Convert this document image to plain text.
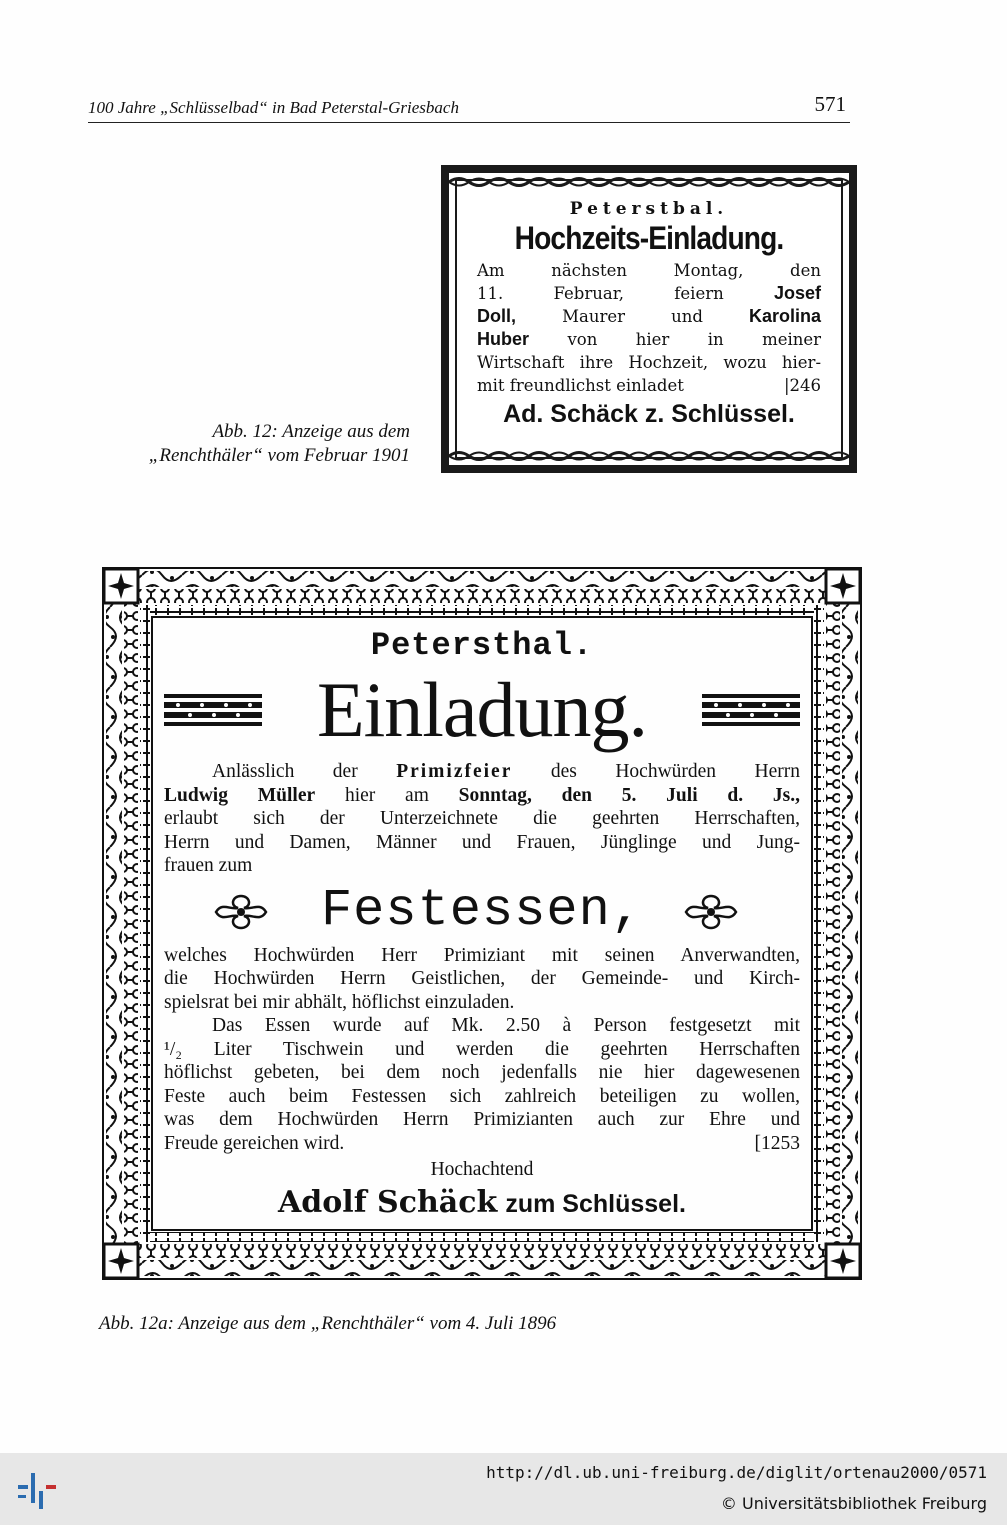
100 Jahre „Schlüsselbad“ in Bad Peterstal-Griesbach	571
Peterstbal.
Hochzeits-Einladung.
Am	nächsten	Montag,	den
11.	Februar,	feiern	Josef
Doll,	Maurer und	Karolina
Huber von hier in meiner
Wirtschaft ihre Hochzeit, wozu hier-
mit freundlichst einladet	|246
Ad. Schäck z. Schlüssel.
Abb. 12: Anzeige aus dem
„Renchthäler“ vom Februar 1901
Petersthal.
Einladung.
Anlässlich der Primizfeier des Hochwürden Herrn
Ludwig Müller hier am Sonntag, den 5. Juli d. Js.,
erlaubt sich der Unterzeichnete die geehrten Herrschaften,
Herrn und Damen, Männer und Frauen, Jünglinge und Jung-
frauen zum
Festessen,
welches Hochwürden Herr Primiziant mit seinen Anverwandten,
die Hochwürden Herrn Geistlichen, der Gemeinde- und Kirch-
spielsrat bei mir abhält, höflichst einzuladen.
Das Essen wurde auf Mk. 2.50 à Person festgesetzt mit
¹/₂ Liter Tischwein und werden die geehrten Herrschaften
höflichst gebeten, bei dem noch jedenfalls nie hier dagewesenen
Feste auch beim Festessen sich zahlreich beteiligen zu wollen,
was dem Hochwürden Herrn Primizianten auch zur Ehre und
Freude gereichen wird.	[1253
Hochachtend
Adolf Schäck zum Schlüssel.
Abb. 12a: Anzeige aus dem „Renchthäler“ vom 4. Juli 1896
http://dl.ub.uni-freiburg.de/diglit/ortenau2000/0571
© Universitätsbibliothek Freiburg
